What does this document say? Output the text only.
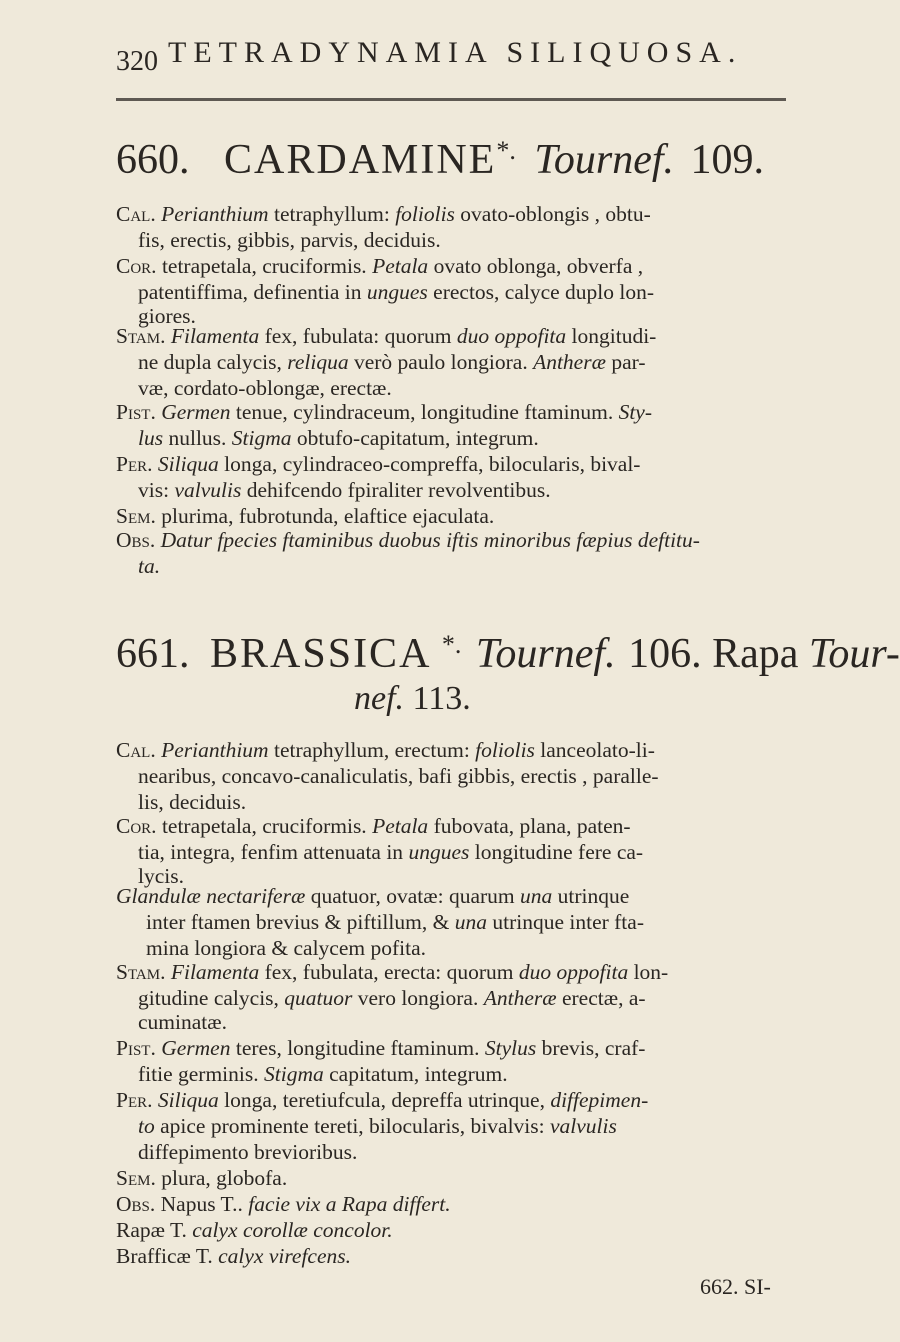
320 TETRADYNAMIA SILIQUOSA.
660. CARDAMINE*. Tournef. 109.
Cal. Perianthium tetraphyllum: foliolis ovato-oblongis , obtu-
fis, erectis, gibbis, parvis, deciduis.
Cor. tetrapetala, cruciformis. Petala ovato oblonga, obverfa ,
patentiffima, definentia in ungues erectos, calyce duplo lon-
giores.
Stam. Filamenta fex, fubulata: quorum duo oppofita longitudi-
ne dupla calycis, reliqua verò paulo longiora. Antheræ par-
væ, cordato-oblongæ, erectæ.
Pist. Germen tenue, cylindraceum, longitudine ftaminum. Sty-
lus nullus. Stigma obtufo-capitatum, integrum.
Per. Siliqua longa, cylindraceo-compreffa, bilocularis, bival-
vis: valvulis dehifcendo fpiraliter revolventibus.
Sem. plurima, fubrotunda, elaftice ejaculata.
Obs. Datur fpecies ftaminibus duobus iftis minoribus fæpius deftitu-
ta.
661. BRASSICA *. Tournef. 106. Rapa Tour-
nef. 113.
Cal. Perianthium tetraphyllum, erectum: foliolis lanceolato-li-
nearibus, concavo-canaliculatis, bafi gibbis, erectis , paralle-
lis, deciduis.
Cor. tetrapetala, cruciformis. Petala fubovata, plana, paten-
tia, integra, fenfim attenuata in ungues longitudine fere ca-
lycis.
Glandulæ nectariferæ quatuor, ovatæ: quarum una utrinque
inter ftamen brevius & piftillum, & una utrinque inter fta-
mina longiora & calycem pofita.
Stam. Filamenta fex, fubulata, erecta: quorum duo oppofita lon-
gitudine calycis, quatuor vero longiora. Antheræ erectæ, a-
cuminatæ.
Pist. Germen teres, longitudine ftaminum. Stylus brevis, craf-
fitie germinis. Stigma capitatum, integrum.
Per. Siliqua longa, teretiufcula, depreffa utrinque, diffepimen-
to apice prominente tereti, bilocularis, bivalvis: valvulis
diffepimento brevioribus.
Sem. plura, globofa.
Obs. Napus T.. facie vix a Rapa differt.
Rapæ T. calyx corollæ concolor.
Brafficæ T. calyx virefcens.
662. SI-
